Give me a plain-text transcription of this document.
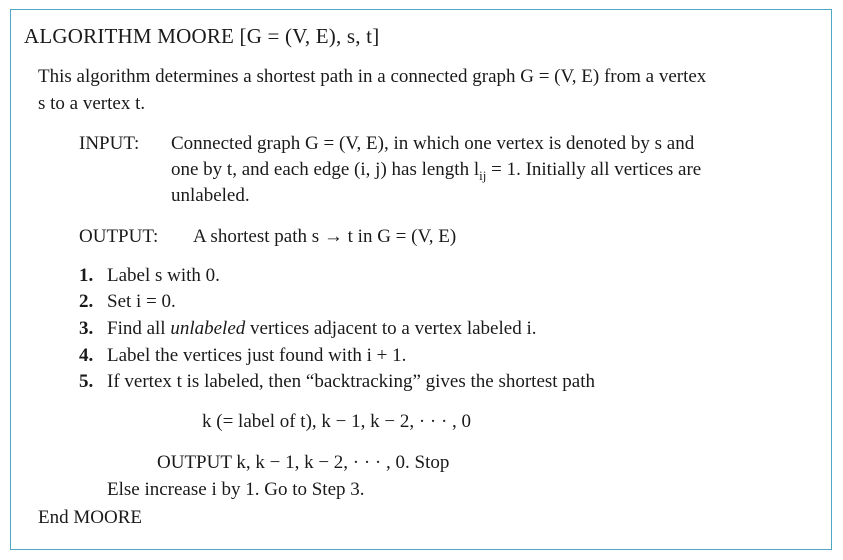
ALGORITHM MOORE [G = (V, E), s, t]
This algorithm determines a shortest path in a connected graph G = (V, E) from a vertex
s to a vertex t.
INPUT: Connected graph G = (V, E), in which one vertex is denoted by s and
one by t, and each edge (i, j) has length $l_{ij} = 1$. Initially all vertices are
unlabeled.
OUTPUT: A shortest path s → t in G = (V, E)
1. Label s with 0.
2. Set i = 0.
3. Find all unlabeled vertices adjacent to a vertex labeled i.
4. Label the vertices just found with i + 1.
5. If vertex t is labeled, then “backtracking” gives the shortest path
k (= label of t), k − 1, k − 2, · · · , 0
OUTPUT k, k − 1, k − 2, · · · , 0. Stop
Else increase i by 1. Go to Step 3.
End MOORE
